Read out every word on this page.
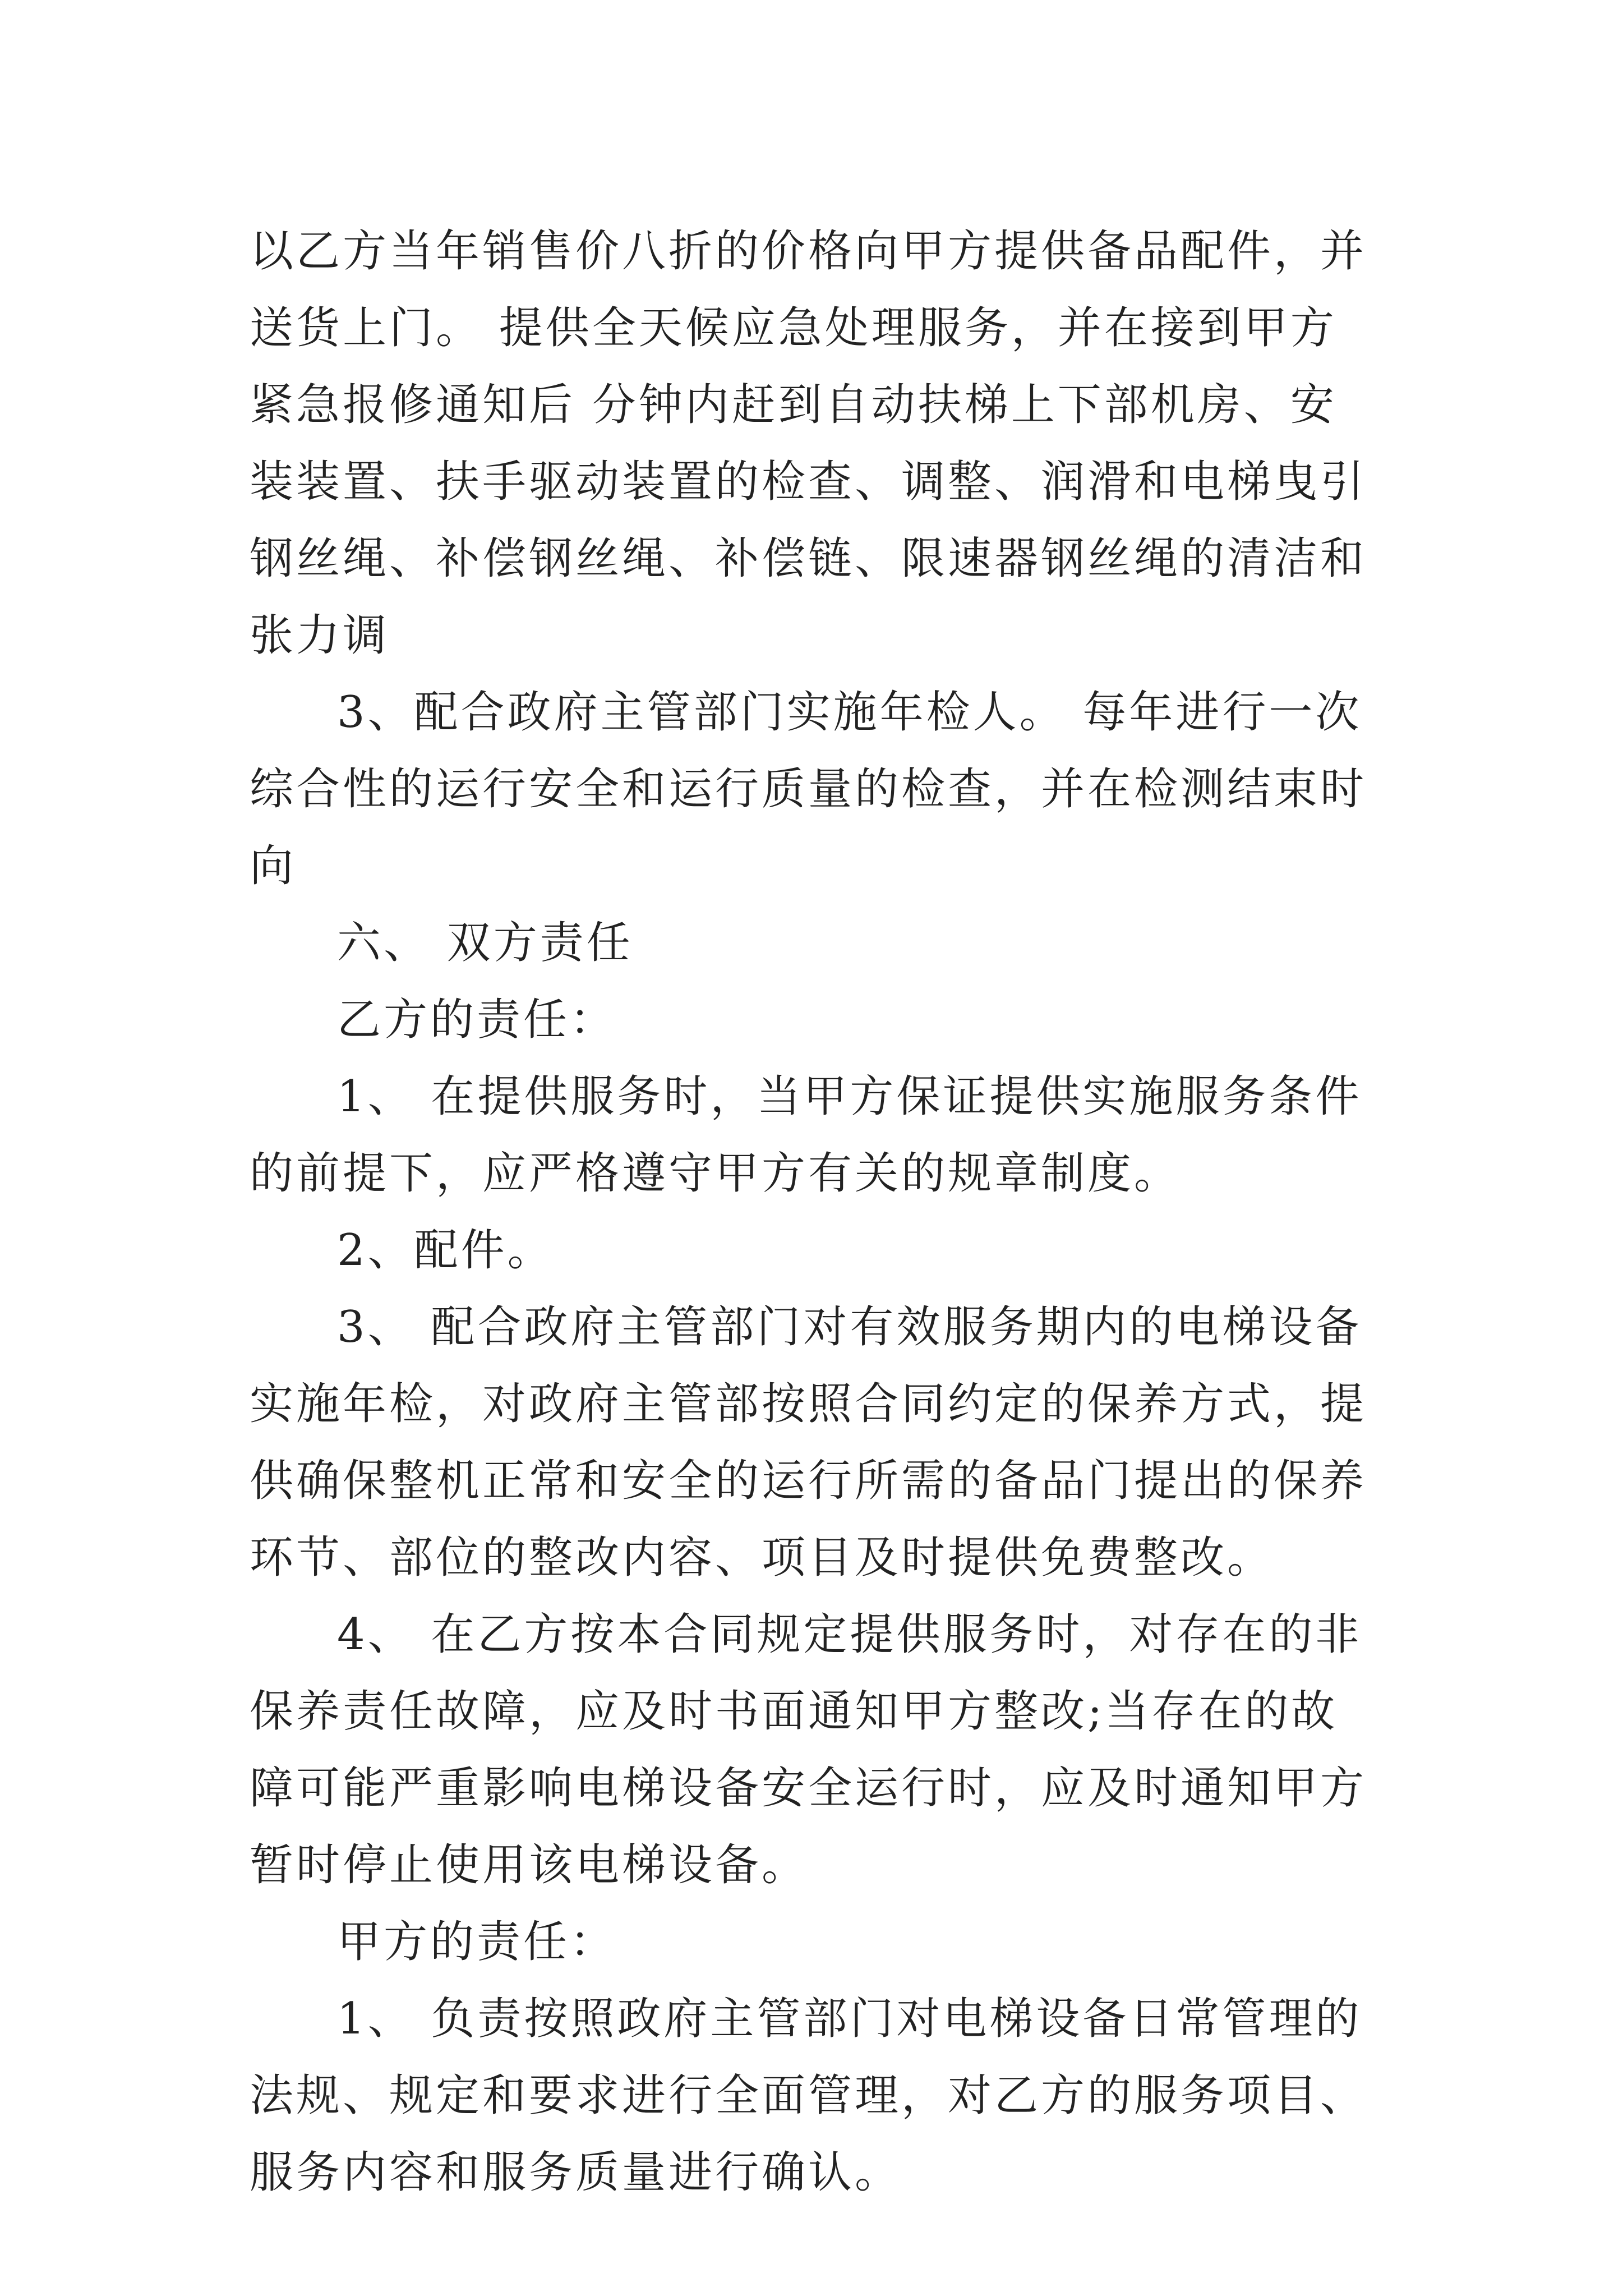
以乙方当年销售价八折的价格向甲方提供备品配件，并送货上门。 提供全天候应急处理服务，并在接到甲方紧急报修通知后 分钟内赶到自动扶梯上下部机房、安装装置、扶手驱动装置的检查、调整、润滑和电梯曳引钢丝绳、补偿钢丝绳、补偿链、限速器钢丝绳的清洁和张力调

3、配合政府主管部门实施年检人。 每年进行一次综合性的运行安全和运行质量的检查，并在检测结束时向

六、 双方责任

乙方的责任：

1、 在提供服务时，当甲方保证提供实施服务条件的前提下，应严格遵守甲方有关的规章制度。

2、配件。

3、 配合政府主管部门对有效服务期内的电梯设备实施年检，对政府主管部按照合同约定的保养方式，提供确保整机正常和安全的运行所需的备品门提出的保养环节、部位的整改内容、项目及时提供免费整改。

4、 在乙方按本合同规定提供服务时，对存在的非保养责任故障，应及时书面通知甲方整改;当存在的故障可能严重影响电梯设备安全运行时，应及时通知甲方暂时停止使用该电梯设备。

甲方的责任：

1、 负责按照政府主管部门对电梯设备日常管理的法规、规定和要求进行全面管理，对乙方的服务项目、服务内容和服务质量进行确认。
